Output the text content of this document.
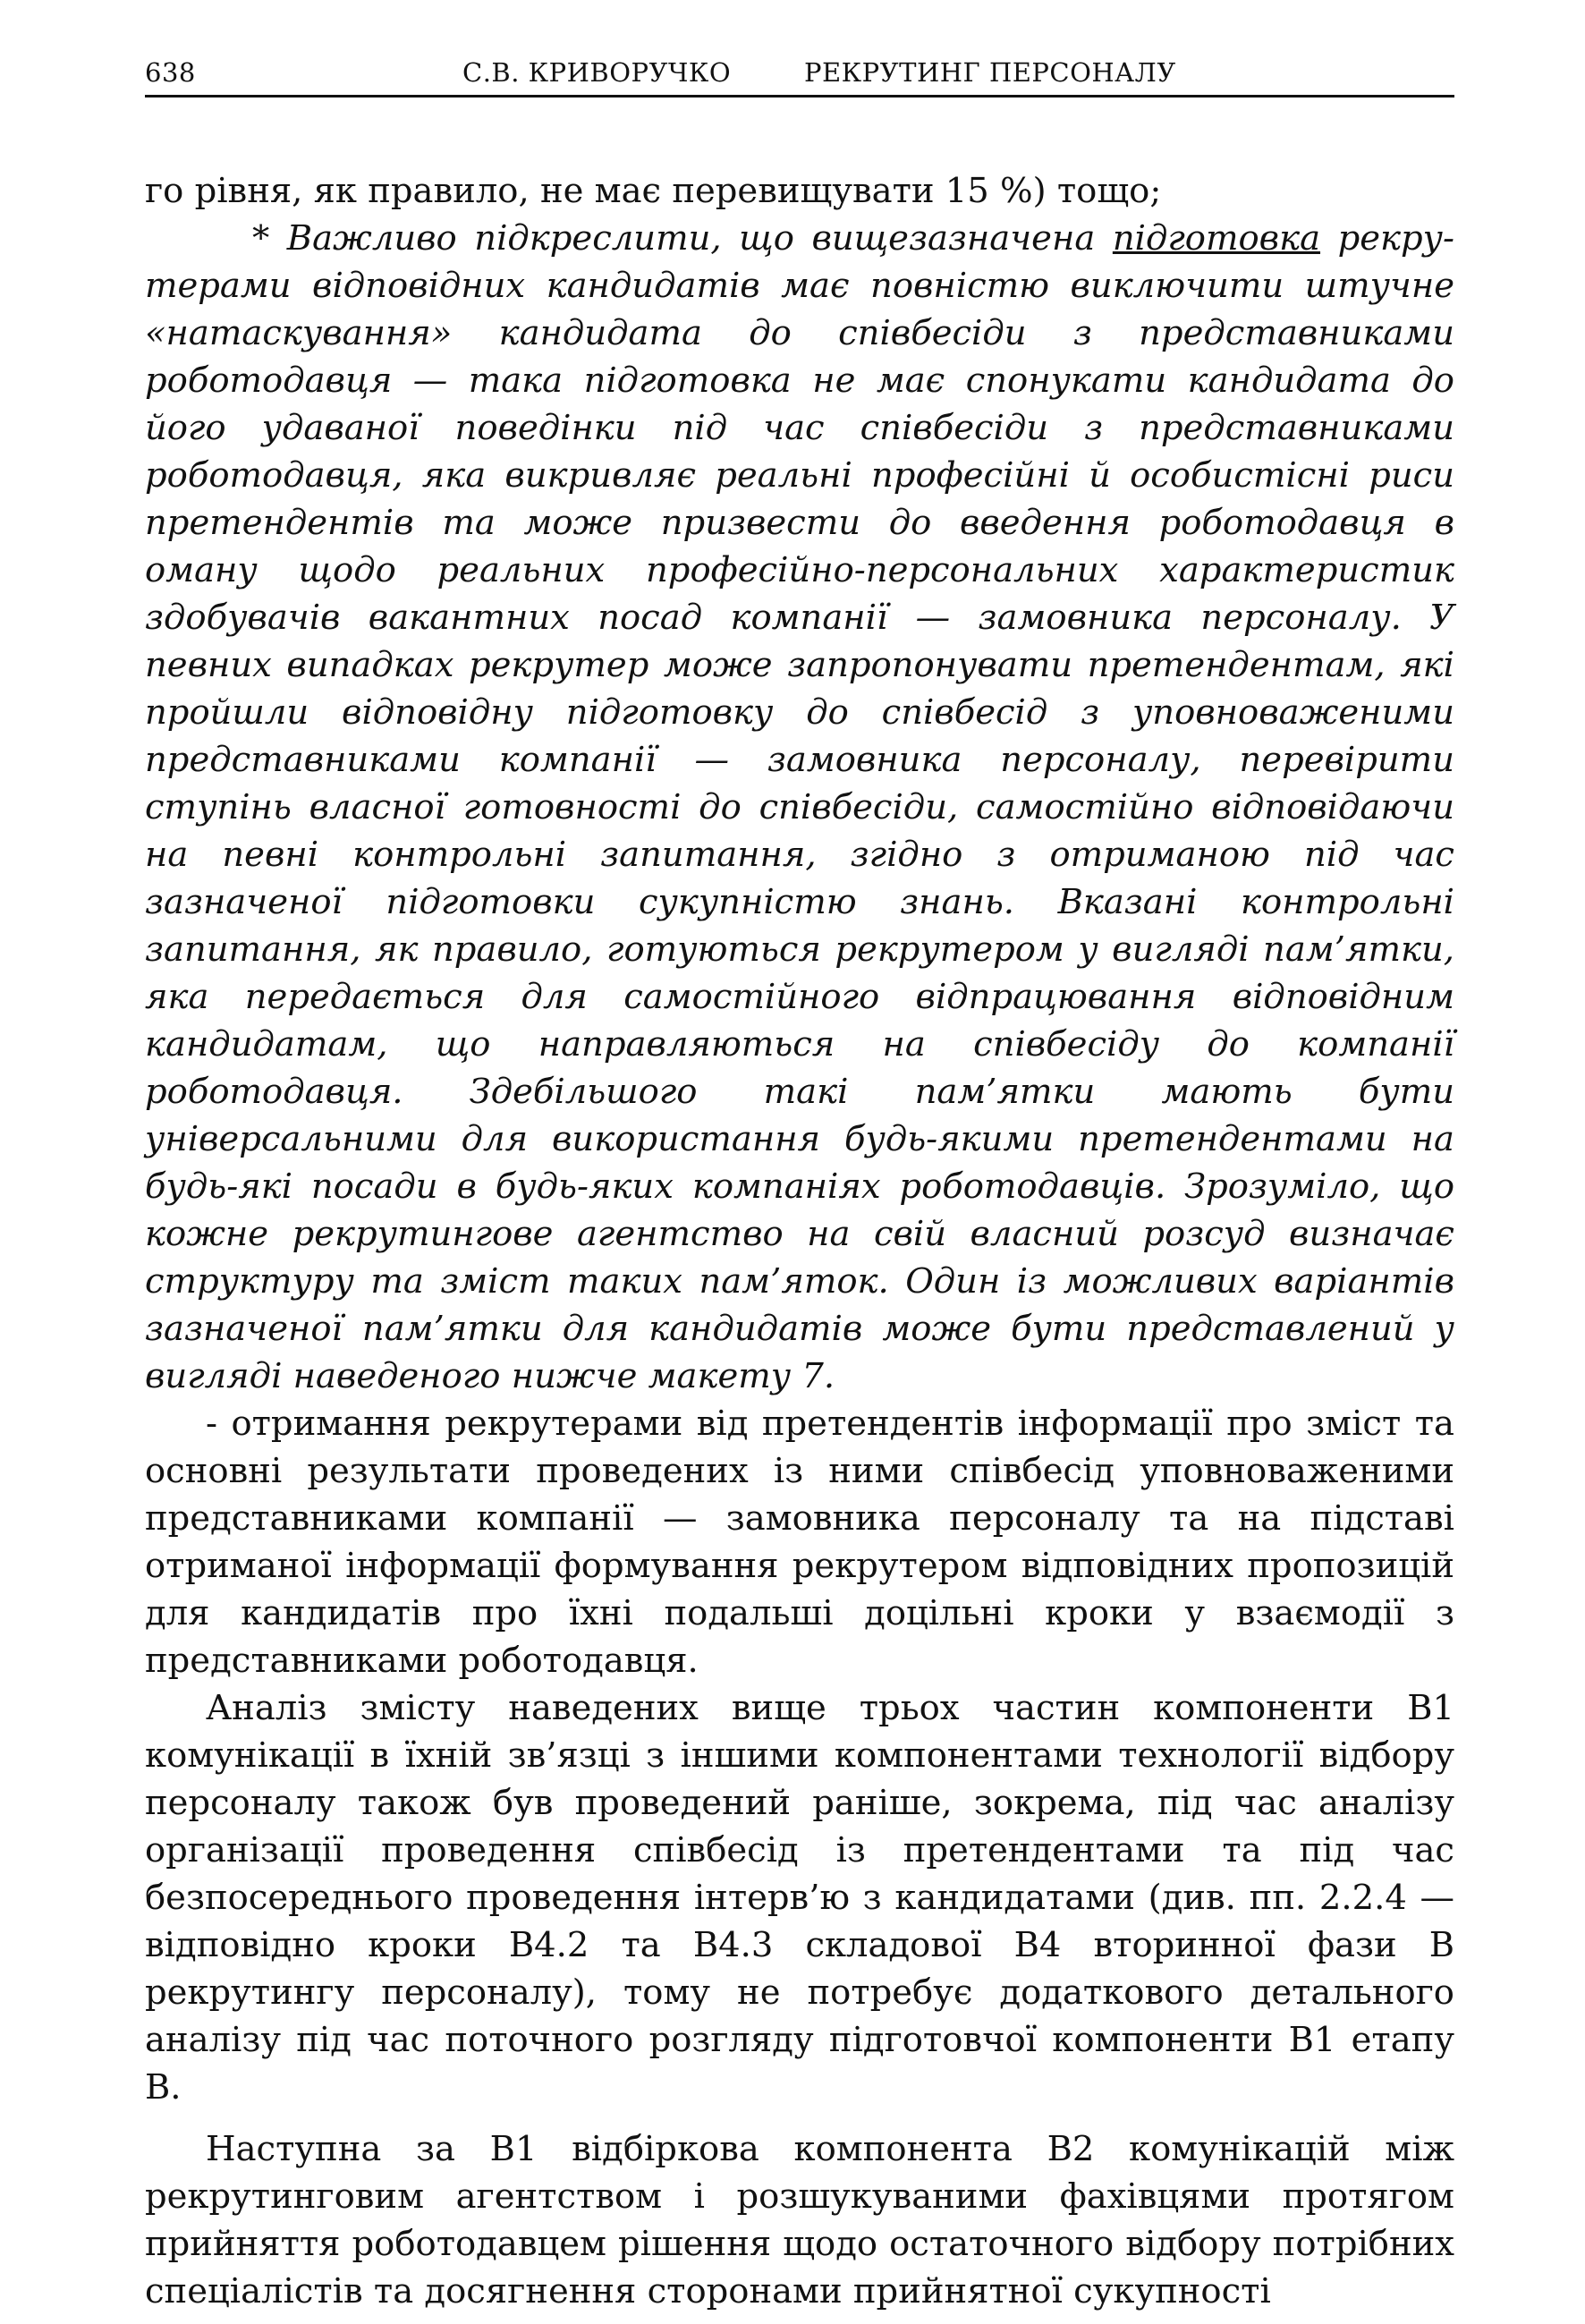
638	С.В. КРИВОРУЧКО	РЕКРУТИНГ ПЕРСОНАЛУ

го рівня, як правило, не має перевищувати 15 %) тощо;

* Важливо підкреслити, що вищезазначена підготовка рекру-

терами відповідних кандидатів має повністю виключити штучне «натаскування» кандидата до співбесіди з представниками роботодавця — така підготовка не має спонукати кандидата до його удаваної поведінки під час співбесіди з представниками роботодавця, яка викривляє реальні професійні й особистісні риси претендентів та може призвести до введення роботодавця в оману щодо реальних професійно-персональних характеристик здобувачів вакантних посад компанії — замовника персоналу. У певних випадках рекрутер може запропонувати претендентам, які пройшли відповідну підготовку до співбесід з уповноваженими представниками компанії — замовника персоналу, перевірити ступінь власної готовності до співбесіди, самостійно відповідаючи на певні контрольні запитання, згідно з отриманою під час зазначеної підготовки сукупністю знань. Вказані контрольні запитання, як правило, готуються рекрутером у вигляді пам’ятки, яка передається для самостійного відпрацювання відповідним кандидатам, що направляються на співбесіду до компанії роботодавця. Здебільшого такі пам’ятки мають бути універсальними для використання будь-якими претендентами на будь-які посади в будь-яких компаніях роботодавців. Зрозуміло, що кожне рекрутингове агентство на свій власний розсуд визначає структуру та зміст таких пам’яток. Один із можливих варіантів зазначеної пам’ятки для кандидатів може бути представлений у вигляді наведеного нижче макету 7.

- отримання рекрутерами від претендентів інформації про зміст та основні результати проведених із ними співбесід уповноваженими представниками компанії — замовника персоналу та на підставі отриманої інформації формування рекрутером відповідних пропозицій для кандидатів про їхні подальші доцільні кроки у взаємодії з представниками роботодавця.

Аналіз змісту наведених вище трьох частин компоненти В1 комунікації в їхній зв’язці з іншими компонентами технології відбору персоналу також був проведений раніше, зокрема, під час аналізу організації проведення співбесід із претендентами та під час безпосереднього проведення інтерв’ю з кандидатами (див. пп. 2.2.4 — відповідно кроки В4.2 та В4.3 складової В4 вторинної фази В рекрутингу персоналу), тому не потребує додаткового детального аналізу під час поточного розгляду підготовчої компоненти В1 етапу В.

Наступна за В1 відбіркова компонента В2 комунікацій між рекрутинговим агентством і розшукуваними фахівцями протягом прийняття роботодавцем рішення щодо остаточного відбору потрібних спеціалістів та досягнення сторонами прийнятної сукупності
